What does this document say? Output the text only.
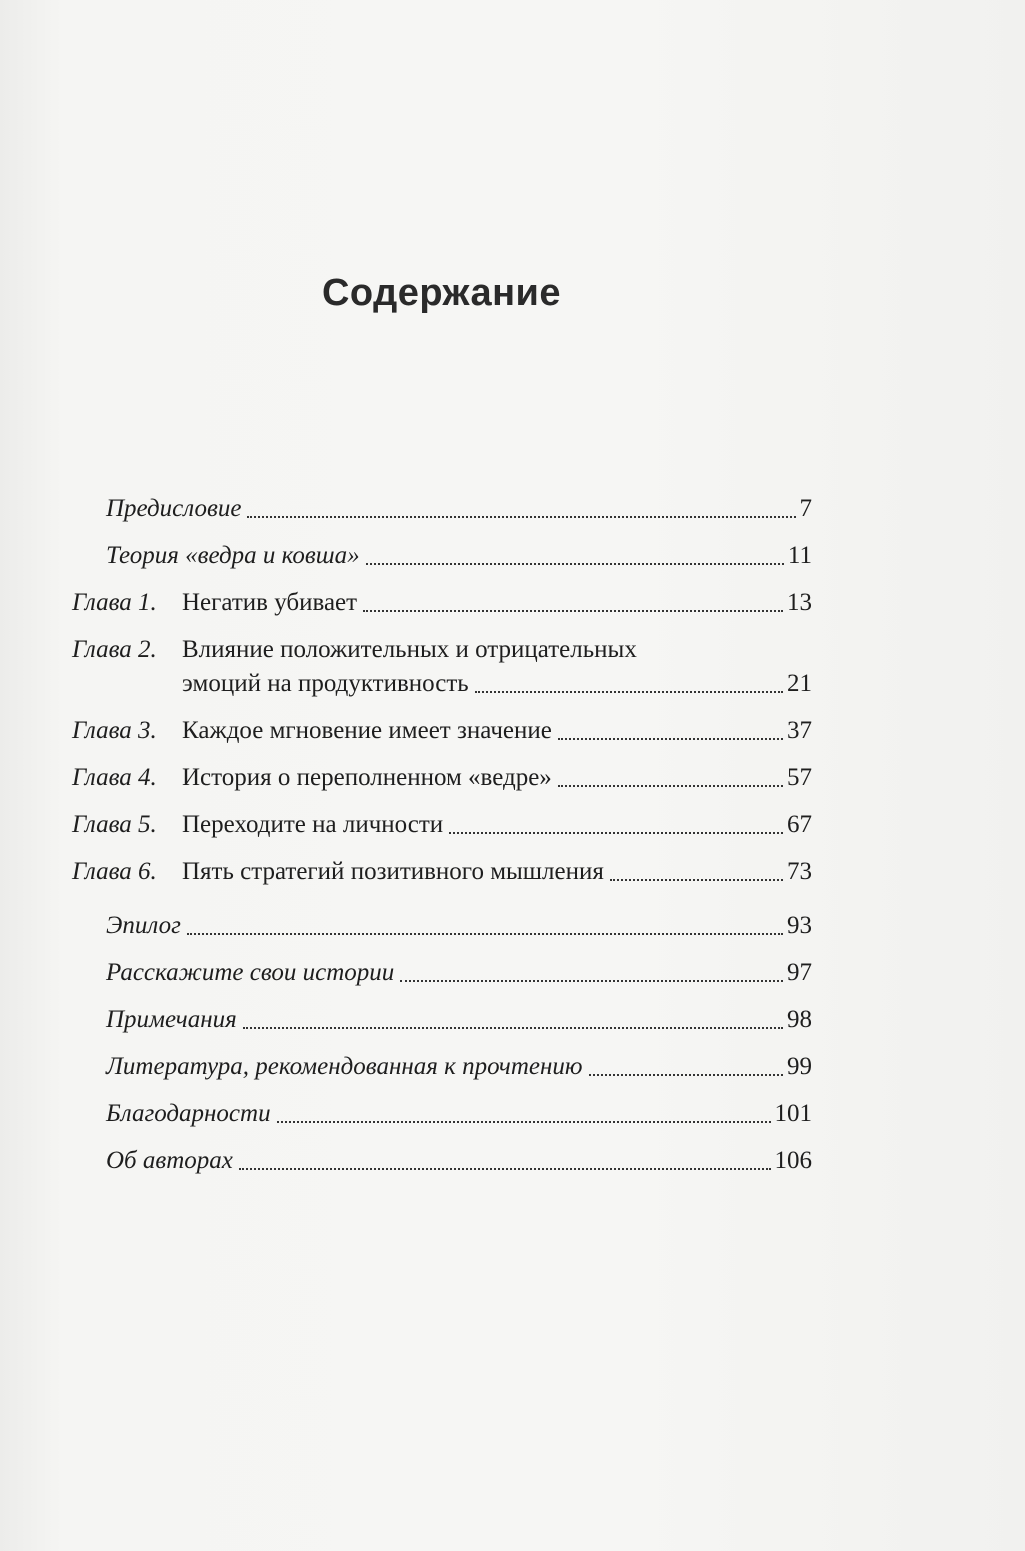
Содержание
Предисловие	7
Теория «ведра и ковша»	11
Глава 1.	Негатив убивает	13
Глава 2.	Влияние положительных и отрицательных
эмоций на продуктивность	21
Глава 3.	Каждое мгновение имеет значение	37
Глава 4.	История о переполненном «ведре»	57
Глава 5.	Переходите на личности	67
Глава 6.	Пять стратегий позитивного мышления	73
Эпилог	93
Расскажите свои истории	97
Примечания	98
Литература, рекомендованная к прочтению	99
Благодарности	101
Об авторах	106
